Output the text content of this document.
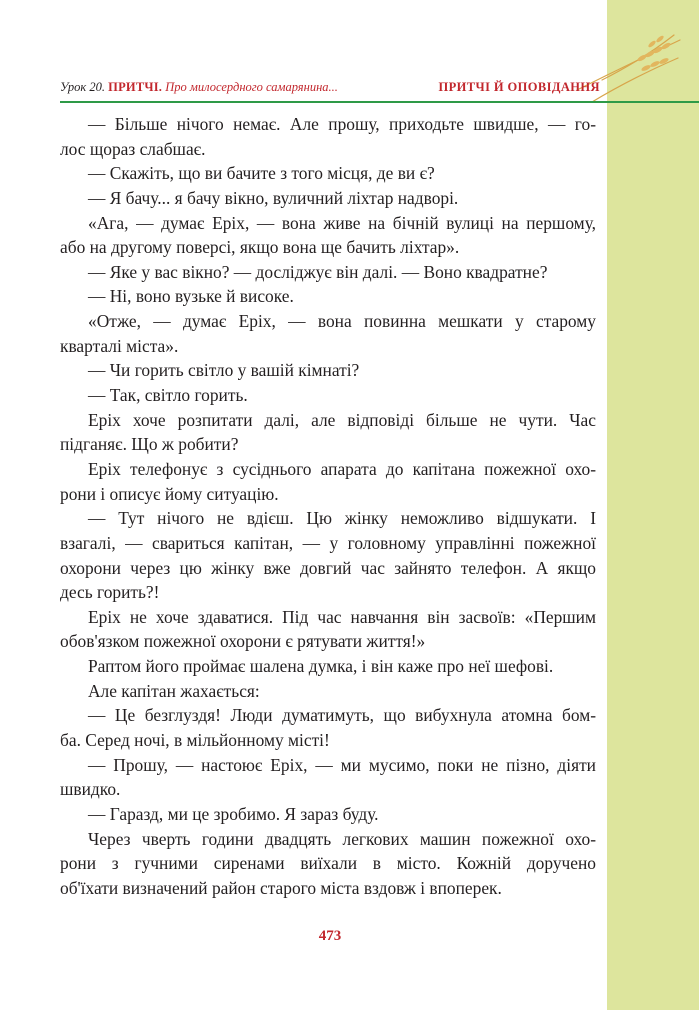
Урок 20. ПРИТЧІ. Про милосердного самарянина...	ПРИТЧІ Й ОПОВІДАННЯ
— Більше нічого немає. Але прошу, приходьте швидше, — го-
лос щораз слабшає.
— Скажіть, що ви бачите з того місця, де ви є?
— Я бачу... я бачу вікно, вуличний ліхтар надворі.
«Ага, — думає Еріх, — вона живе на бічній вулиці на першому,
або на другому поверсі, якщо вона ще бачить ліхтар».
— Яке у вас вікно? — досліджує він далі. — Воно квадратне?
— Ні, воно вузьке й високе.
«Отже, — думає Еріх, — вона повинна мешкати у старому
кварталі міста».
— Чи горить світло у вашій кімнаті?
— Так, світло горить.
Еріх хоче розпитати далі, але відповіді більше не чути. Час
підганяє. Що ж робити?
Еріх телефонує з сусіднього апарата до капітана пожежної охо-
рони і описує йому ситуацію.
— Тут нічого не вдієш. Цю жінку неможливо відшукати. І
взагалі, — свариться капітан, — у головному управлінні пожежної
охорони через цю жінку вже довгий час зайнято телефон. А якщо
десь горить?!
Еріх не хоче здаватися. Під час навчання він засвоїв: «Першим
обов'язком пожежної охорони є рятувати життя!»
Раптом його проймає шалена думка, і він каже про неї шефові.
Але капітан жахається:
— Це безглуздя! Люди думатимуть, що вибухнула атомна бом-
ба. Серед ночі, в мільйонному місті!
— Прошу, — настоює Еріх, — ми мусимо, поки не пізно, діяти
швидко.
— Гаразд, ми це зробимо. Я зараз буду.
Через чверть години двадцять легкових машин пожежної охо-
рони з гучними сиренами виїхали в місто. Кожній доручено
об'їхати визначений район старого міста вздовж і впоперек.
473
